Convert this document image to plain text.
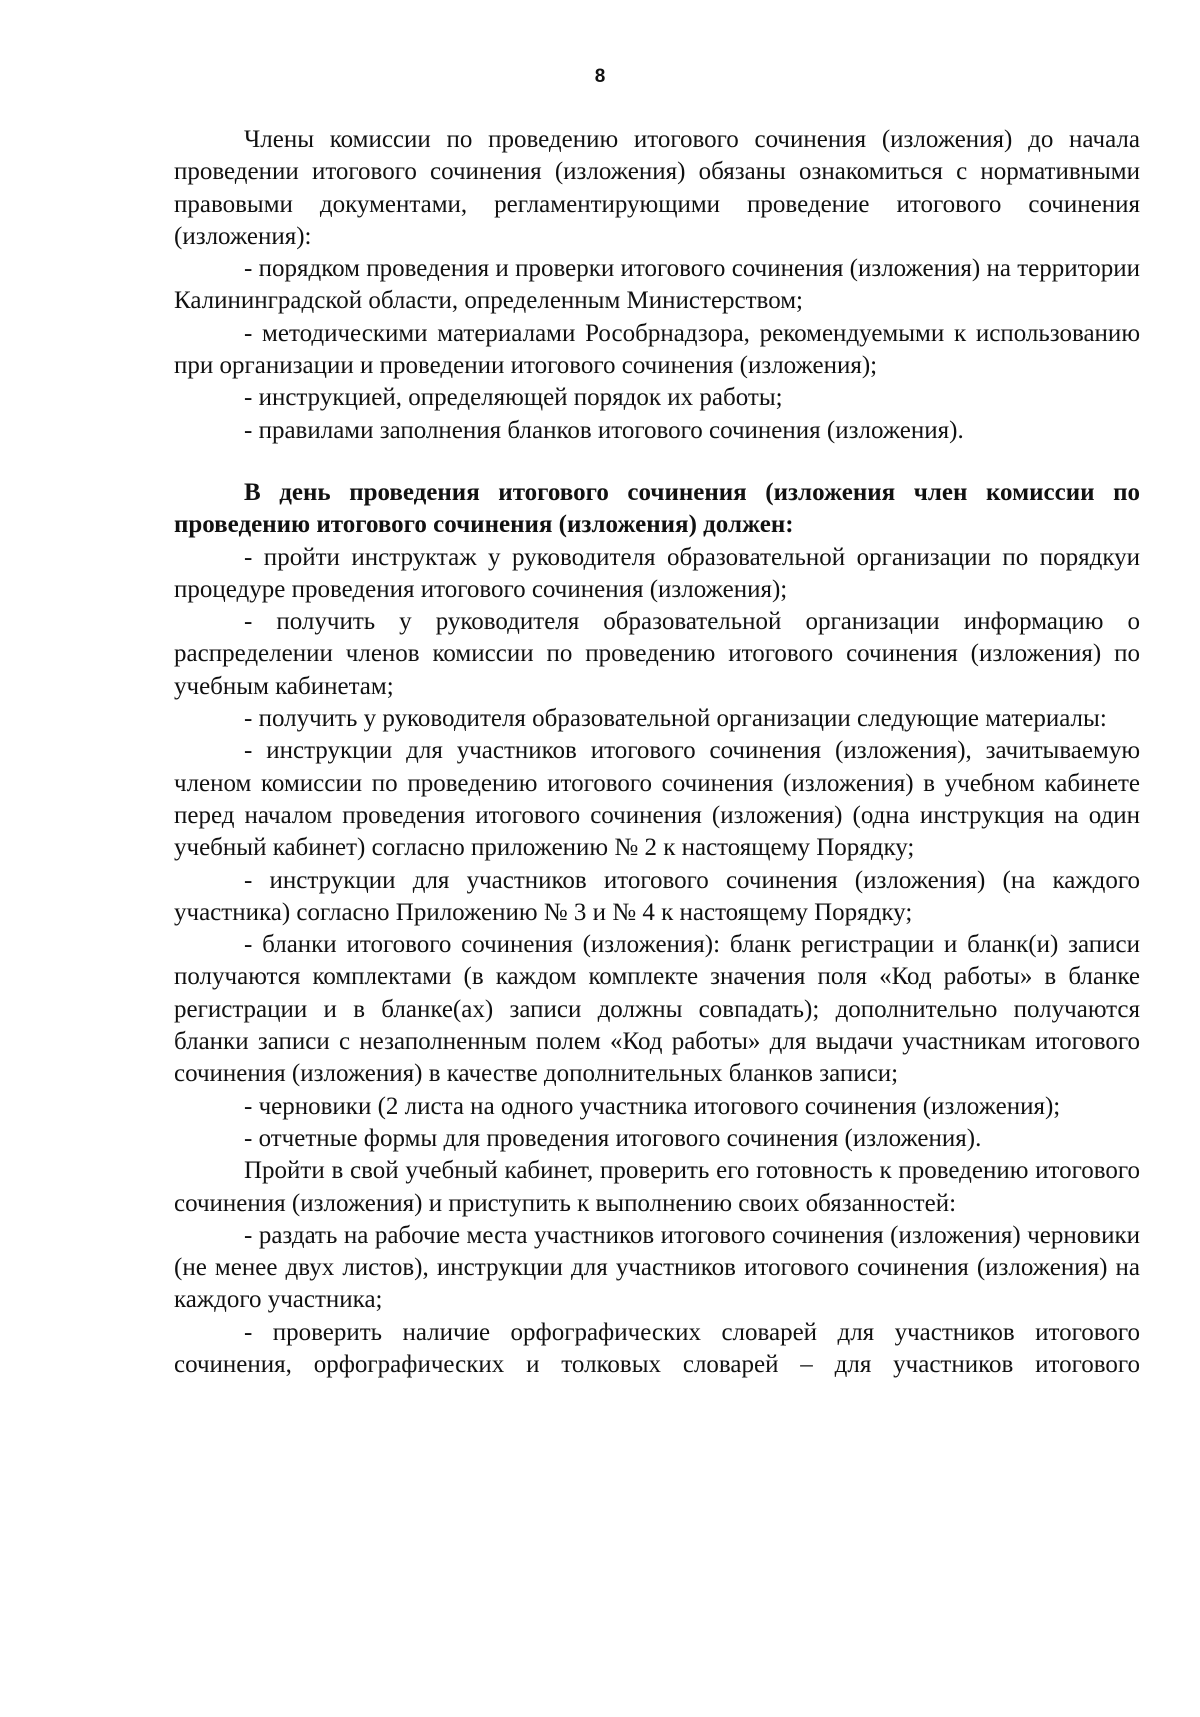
8

Члены комиссии по проведению итогового сочинения (изложения) до начала проведении итогового сочинения (изложения) обязаны ознакомиться с нормативными правовыми документами, регламентирующими проведение итогового сочинения (изложения):

- порядком проведения и проверки итогового сочинения (изложения) на территории Калининградской области, определенным Министерством;

- методическими материалами Рособрнадзора, рекомендуемыми к использованию при организации и проведении итогового сочинения (изложения);

- инструкцией, определяющей порядок их работы;

- правилами заполнения бланков итогового сочинения (изложения).

В день проведения итогового сочинения (изложения член комиссии по проведению итогового сочинения (изложения) должен:

- пройти инструктаж у руководителя образовательной организации по порядкуи процедуре проведения итогового сочинения (изложения);

- получить у руководителя образовательной организации информацию о распределении членов комиссии по проведению итогового сочинения (изложения) по учебным кабинетам;

- получить у руководителя образовательной организации следующие материалы:

- инструкции для участников итогового сочинения (изложения), зачитываемую членом комиссии по проведению итогового сочинения (изложения) в учебном кабинете перед началом проведения итогового сочинения (изложения) (одна инструкция на один учебный кабинет) согласно приложению № 2 к настоящему Порядку;

- инструкции для участников итогового сочинения (изложения) (на каждого участника) согласно Приложению № 3 и № 4 к настоящему Порядку;

- бланки итогового сочинения (изложения): бланк регистрации и бланк(и) записи получаются комплектами (в каждом комплекте значения поля «Код работы» в бланке регистрации и в бланке(ах) записи должны совпадать); дополнительно получаются бланки записи с незаполненным полем «Код работы» для выдачи участникам итогового сочинения (изложения) в качестве дополнительных бланков записи;

- черновики (2 листа на одного участника итогового сочинения (изложения);

- отчетные формы для проведения итогового сочинения (изложения).

Пройти в свой учебный кабинет, проверить его готовность к проведению итогового сочинения (изложения) и приступить к выполнению своих обязанностей:

- раздать на рабочие места участников итогового сочинения (изложения) черновики (не менее двух листов), инструкции для участников итогового сочинения (изложения) на каждого участника;

- проверить наличие орфографических словарей для участников итогового сочинения, орфографических и толковых словарей – для участников итогового
